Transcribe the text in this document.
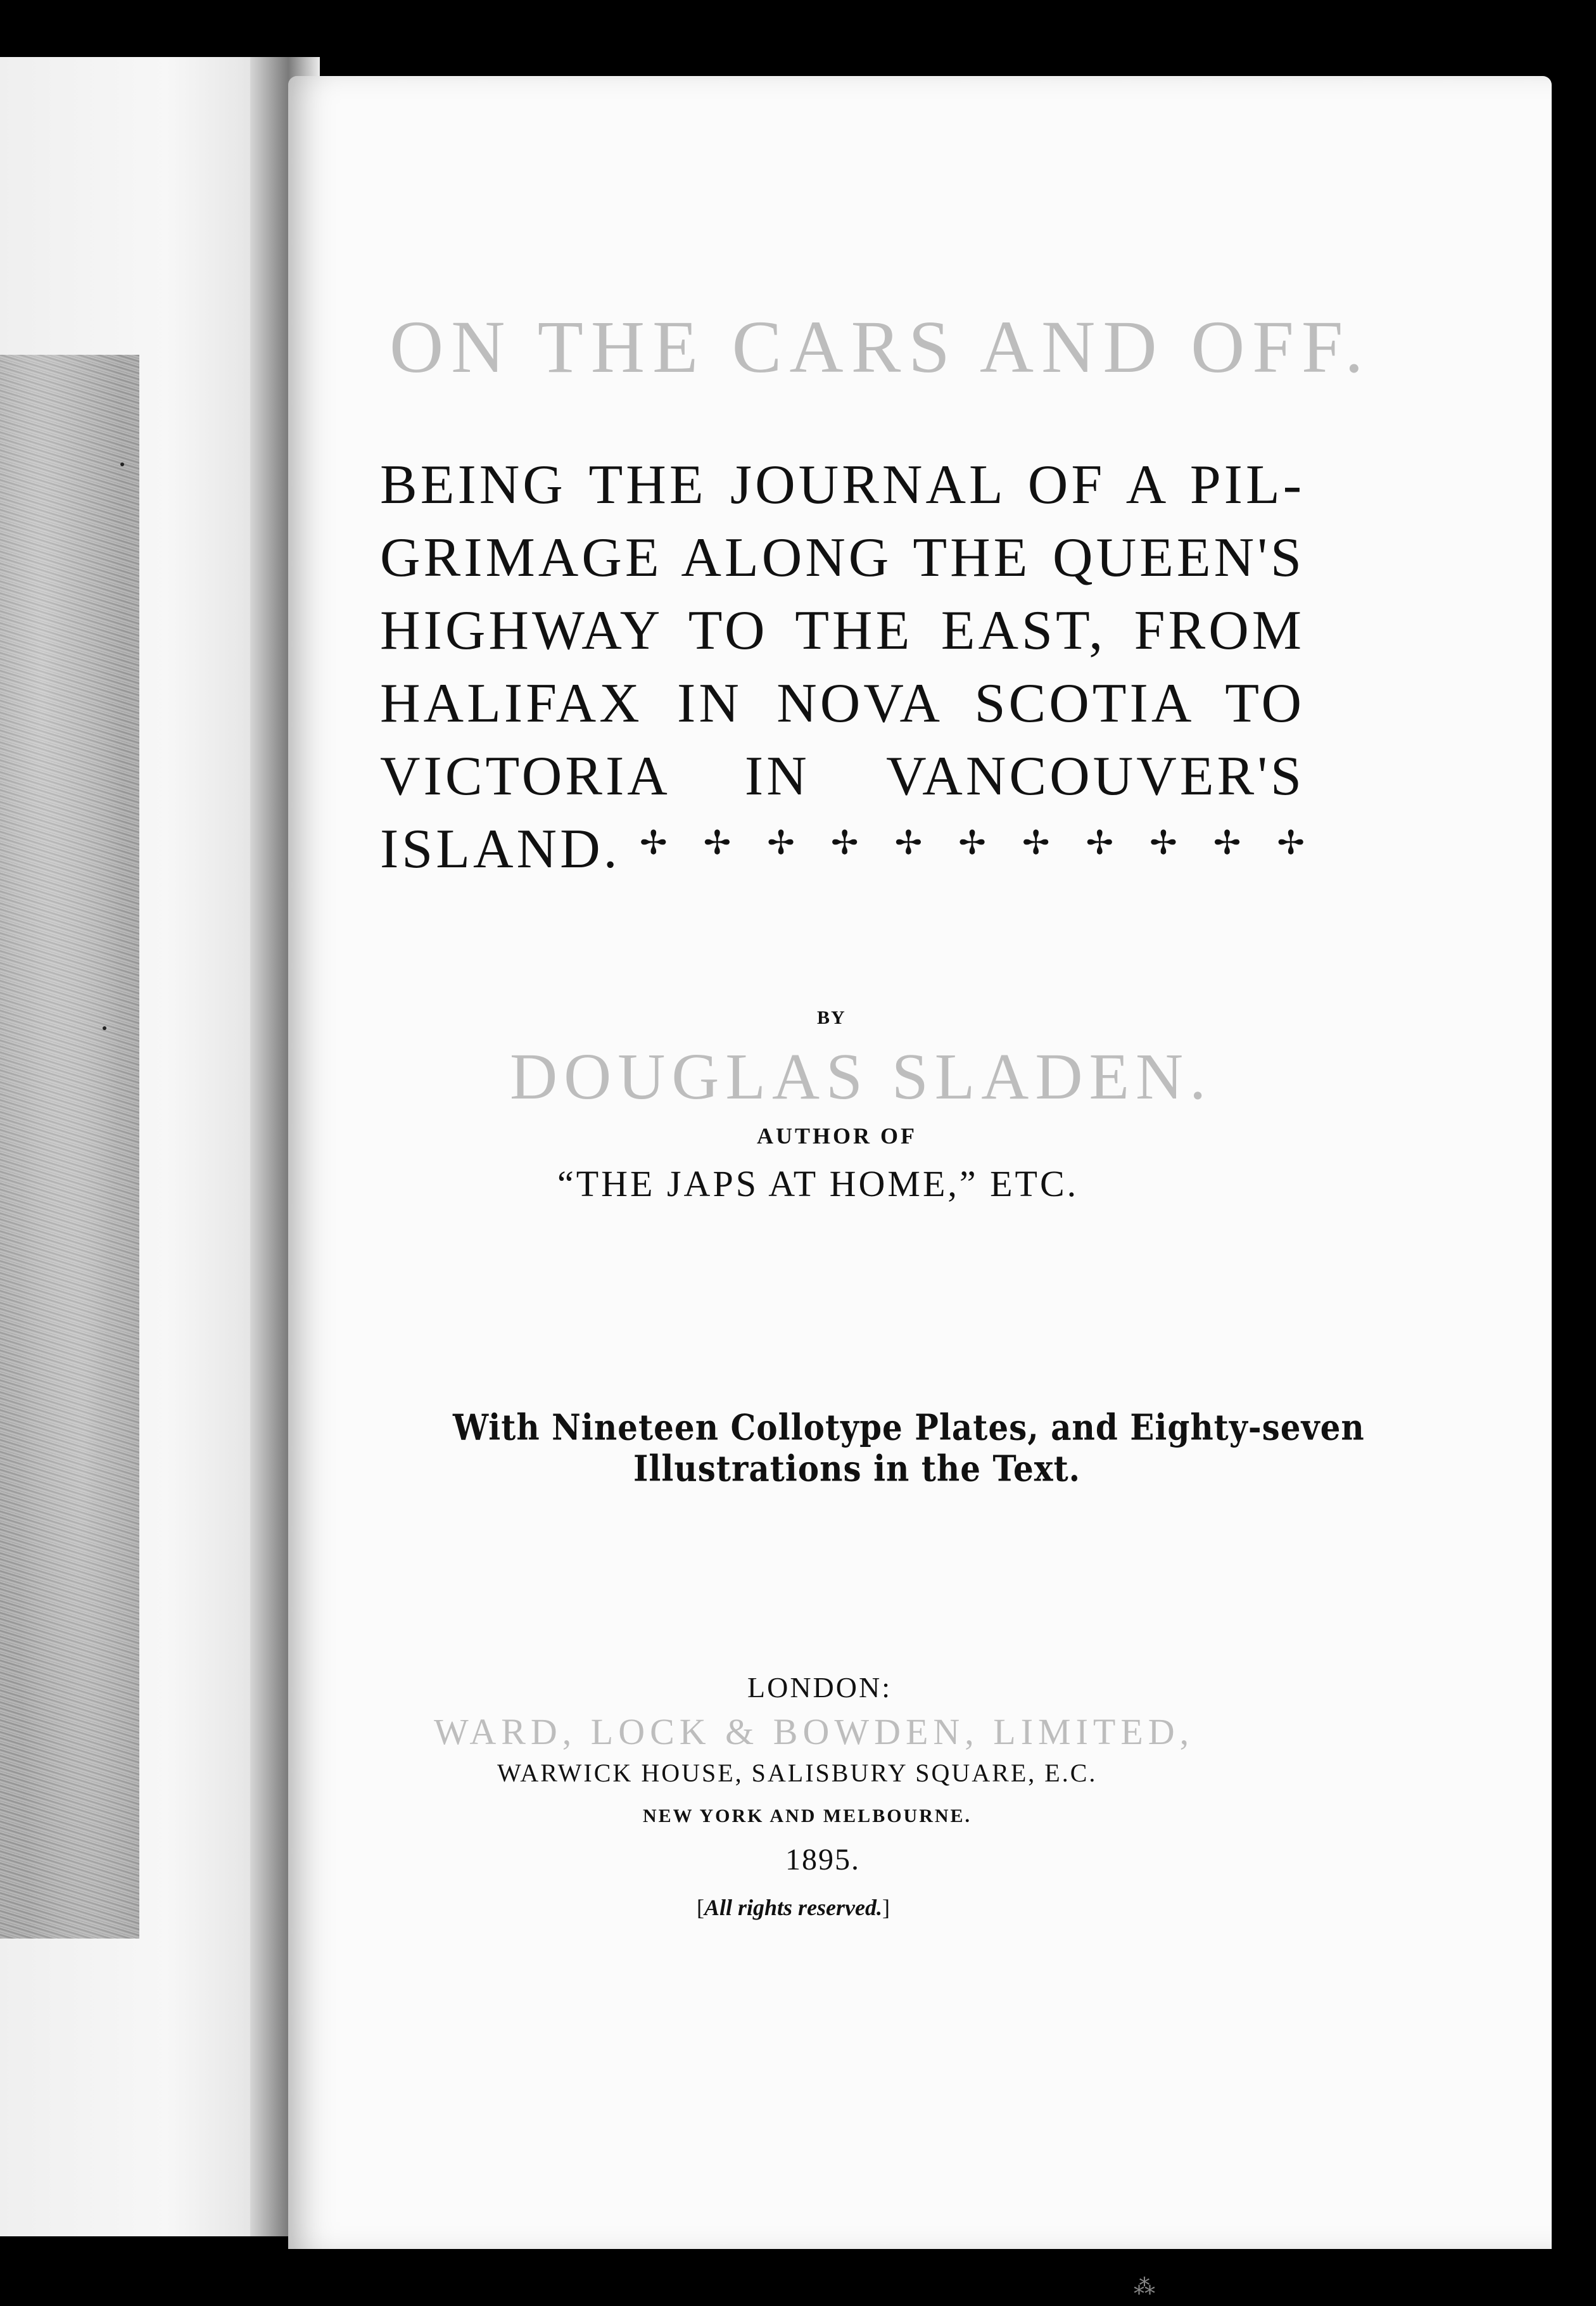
ON THE CARS AND OFF.
BEING THE JOURNAL OF A PIL-
GRIMAGE ALONG THE QUEEN'S
HIGHWAY TO THE EAST, FROM
HALIFAX IN NOVA SCOTIA TO
VICTORIA IN VANCOUVER'S
ISLAND. ✢ ✢ ✢ ✢ ✢ ✢ ✢ ✢ ✢ ✢ ✢
BY
DOUGLAS SLADEN.
AUTHOR OF
“THE JAPS AT HOME,” ETC.
With Nineteen Collotype Plates, and Eighty-seven
Illustrations in the Text.
LONDON:
WARD, LOCK & BOWDEN, LIMITED,
WARWICK HOUSE, SALISBURY SQUARE, E.C.
NEW YORK AND MELBOURNE.
1895.
[All rights reserved.]
⁂
